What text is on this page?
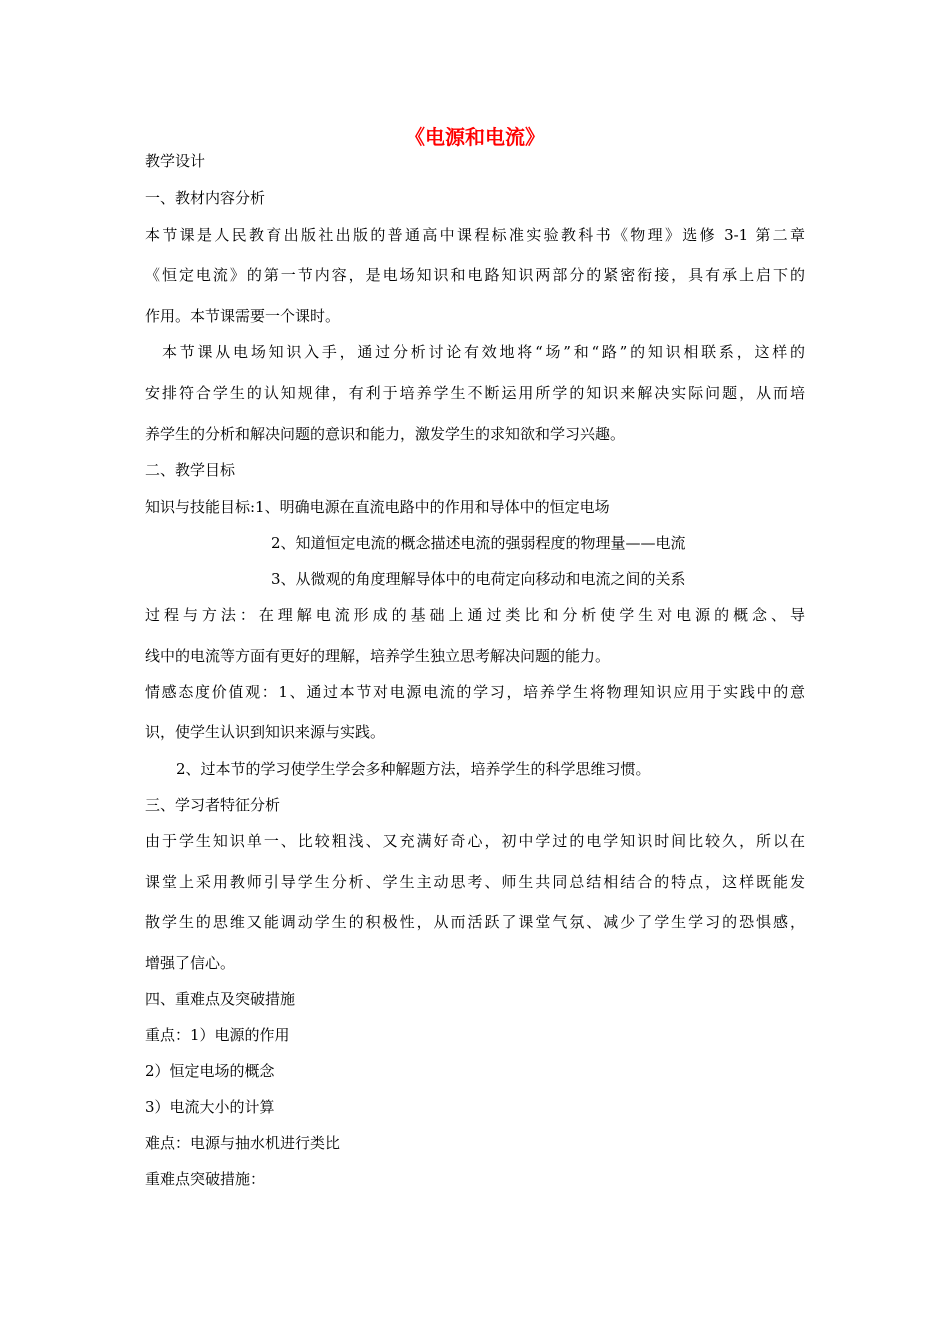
《电源和电流》
教学设计
一、教材内容分析
本节课是人民教育出版社出版的普通高中课程标准实验教科书《物理》选修 3-1 第二章
《恒定电流》的第一节内容，是电场知识和电路知识两部分的紧密衔接，具有承上启下的
作用。本节课需要一个课时。
本节课从电场知识入手，通过分析讨论有效地将“场”和“路”的知识相联系，这样的
安排符合学生的认知规律，有利于培养学生不断运用所学的知识来解决实际问题，从而培
养学生的分析和解决问题的意识和能力，激发学生的求知欲和学习兴趣。
二、教学目标
知识与技能目标:1、明确电源在直流电路中的作用和导体中的恒定电场
2、知道恒定电流的概念描述电流的强弱程度的物理量——电流
3、从微观的角度理解导体中的电荷定向移动和电流之间的关系
过程与方法：在理解电流形成的基础上通过类比和分析使学生对电源的概念、导
线中的电流等方面有更好的理解，培养学生独立思考解决问题的能力。
情感态度价值观：1、通过本节对电源电流的学习，培养学生将物理知识应用于实践中的意
识，使学生认识到知识来源与实践。
2、过本节的学习使学生学会多种解题方法，培养学生的科学思维习惯。
三、学习者特征分析
由于学生知识单一、比较粗浅、又充满好奇心，初中学过的电学知识时间比较久，所以在
课堂上采用教师引导学生分析、学生主动思考、师生共同总结相结合的特点，这样既能发
散学生的思维又能调动学生的积极性，从而活跃了课堂气氛、减少了学生学习的恐惧感，
增强了信心。
四、重难点及突破措施
重点：1）电源的作用
2）恒定电场的概念
3）电流大小的计算
难点：电源与抽水机进行类比
重难点突破措施：
